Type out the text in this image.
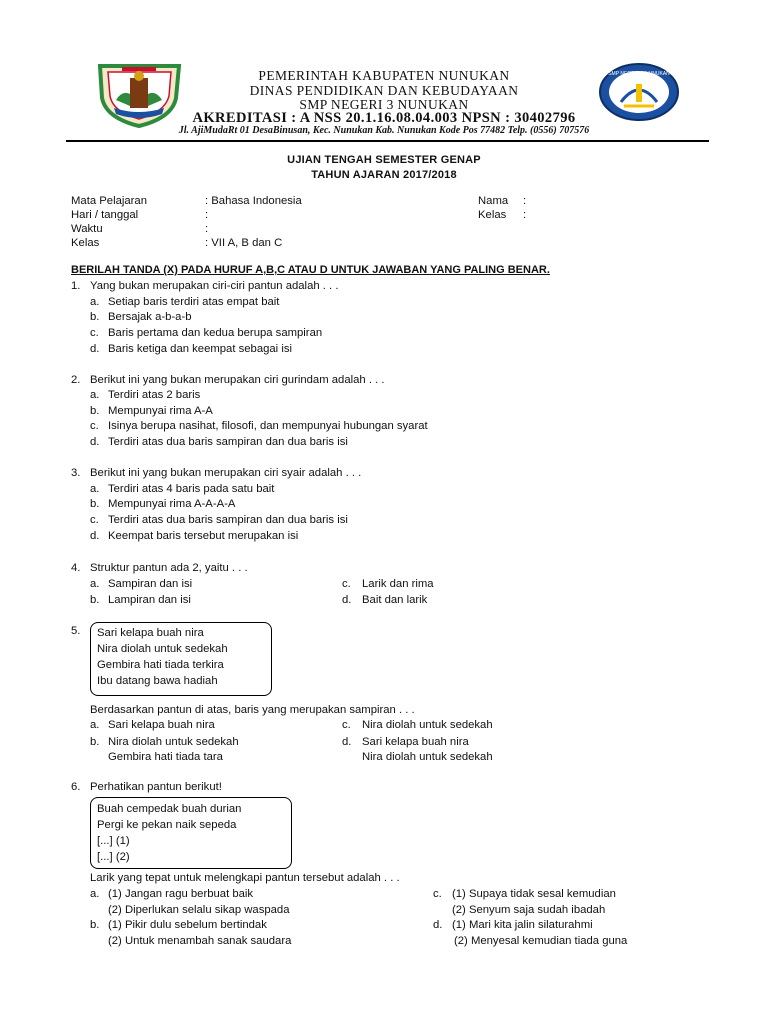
SMP NEGERI 3 NUNUKAN
PEMERINTAH KABUPATEN NUNUKAN
DINAS PENDIDIKAN DAN KEBUDAYAAN
SMP NEGERI 3 NUNUKAN
AKREDITASI : A NSS 20.1.16.08.04.003 NPSN : 30402796
Jl. AjiMudaRt 01 DesaBinusan, Kec. Nunukan Kab. Nunukan Kode Pos 77482 Telp. (0556) 707576
UJIAN TENGAH SEMESTER GENAP
TAHUN AJARAN 2017/2018
Mata Pelajaran	: Bahasa Indonesia
Hari / tanggal	:
Waktu	:
Kelas	: VII A, B dan C
Nama :
Kelas :
BERILAH TANDA (X) PADA HURUF A,B,C ATAU D UNTUK JAWABAN YANG PALING BENAR.
1. Yang bukan merupakan ciri-ciri pantun adalah . . .
a. Setiap baris terdiri atas empat bait
b. Bersajak a-b-a-b
c. Baris pertama dan kedua berupa sampiran
d. Baris ketiga dan keempat sebagai isi
2. Berikut ini yang bukan merupakan ciri gurindam adalah . . .
a. Terdiri atas 2 baris
b. Mempunyai rima A-A
c. Isinya berupa nasihat, filosofi, dan mempunyai hubungan syarat
d. Terdiri atas dua baris sampiran dan dua baris isi
3. Berikut ini yang bukan merupakan ciri syair adalah . . .
a. Terdiri atas 4 baris pada satu bait
b. Mempunyai rima A-A-A-A
c. Terdiri atas dua baris sampiran dan dua baris isi
d. Keempat baris tersebut merupakan isi
4. Struktur pantun ada 2, yaitu . . .
a. Sampiran dan isi
b. Lampiran dan isi
c. Larik dan rima
d. Bait dan larik
5. Sari kelapa buah nira
Nira diolah untuk sedekah
Gembira hati tiada terkira
Ibu datang bawa hadiah
Berdasarkan pantun di atas, baris yang merupakan sampiran . . .
a. Sari kelapa buah nira
b. Nira diolah untuk sedekah
Gembira hati tiada tara
c. Nira diolah untuk sedekah
d. Sari kelapa buah nira
Nira diolah untuk sedekah
6. Perhatikan pantun berikut!
Buah cempedak buah durian
Pergi ke pekan naik sepeda
[...] (1)
[...] (2)
Larik yang tepat untuk melengkapi pantun tersebut adalah . . .
a. (1) Jangan ragu berbuat baik
(2) Diperlukan selalu sikap waspada
b. (1) Pikir dulu sebelum bertindak
(2) Untuk menambah sanak saudara
c. (1) Supaya tidak sesal kemudian
(2) Senyum saja sudah ibadah
d. (1) Mari kita jalin silaturahmi
(2) Menyesal kemudian tiada guna
